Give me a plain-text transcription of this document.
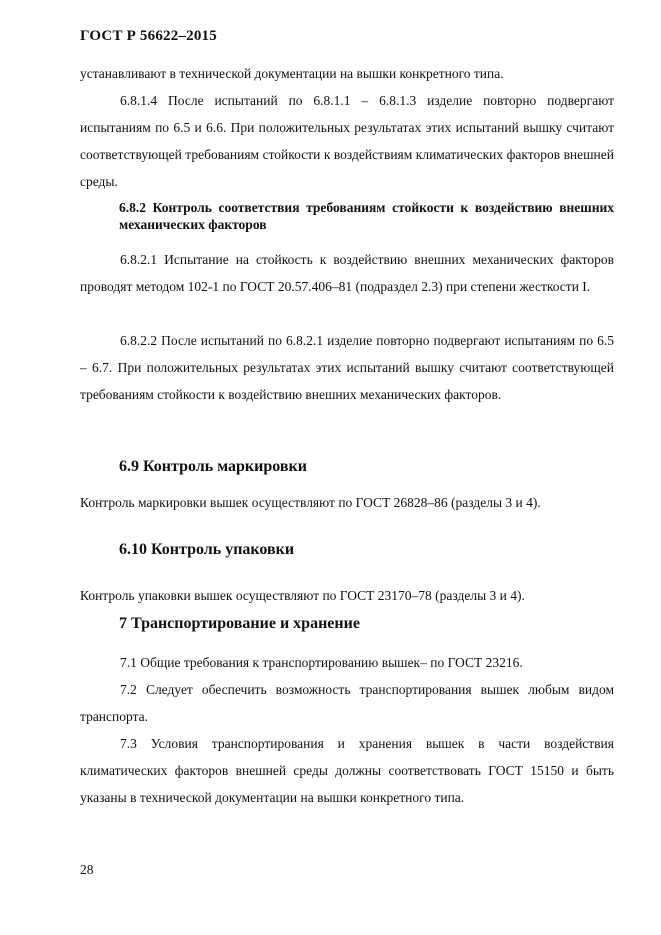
ГОСТ Р 56622–2015

устанавливают в технической документации на вышки конкретного типа.

6.8.1.4 После испытаний по 6.8.1.1 – 6.8.1.3 изделие повторно подвергают испытаниям по 6.5 и 6.6. При положительных результатах этих испытаний вышку считают соответствующей требованиям стойкости к воздействиям климатических факторов внешней среды.

6.8.2 Контроль соответствия требованиям стойкости к воздействию внешних механических факторов

6.8.2.1 Испытание на стойкость к воздействию внешних механических факторов проводят методом 102-1 по ГОСТ 20.57.406–81 (подраздел 2.3) при степени жесткости I.

6.8.2.2 После испытаний по 6.8.2.1 изделие повторно подвергают испытаниям по 6.5 – 6.7. При положительных результатах этих испытаний вышку считают соответствующей требованиям стойкости к воздействию внешних механических факторов.

6.9 Контроль маркировки

Контроль маркировки вышек осуществляют по ГОСТ 26828–86 (разделы 3 и 4).

6.10 Контроль упаковки

Контроль упаковки вышек осуществляют по ГОСТ 23170–78 (разделы 3 и 4).

7 Транспортирование и хранение

7.1 Общие требования к транспортированию вышек– по ГОСТ 23216.

7.2 Следует обеспечить возможность транспортирования вышек любым видом транспорта.

7.3 Условия транспортирования и хранения вышек в части воздействия климатических факторов внешней среды должны соответствовать ГОСТ 15150 и быть указаны в технической документации на вышки конкретного типа.

28
